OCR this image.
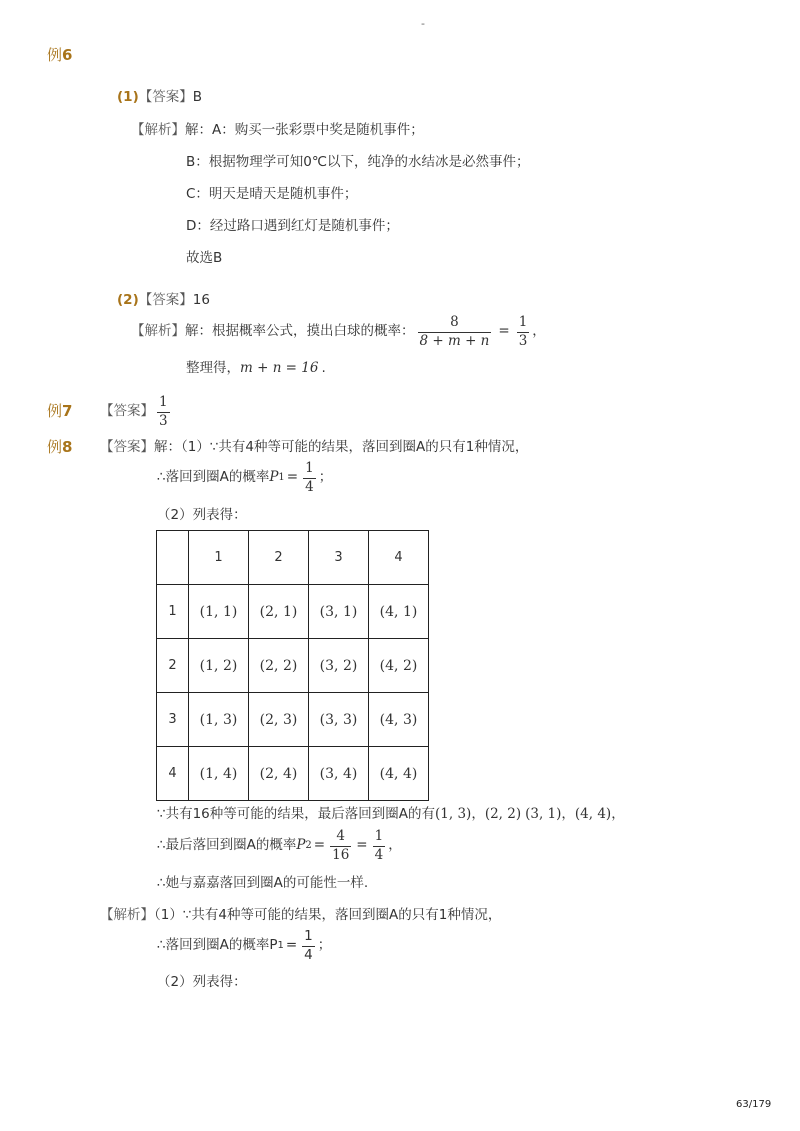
-
例6
(1)【答案】B
【解析】解：A：购买一张彩票中奖是随机事件；
B：根据物理学可知0℃以下，纯净的水结冰是必然事件；
C：明天是晴天是随机事件；
D：经过路口遇到红灯是随机事件；
故选B
(2)【答案】16
【解析】 解：根据概率公式，摸出白球的概率： $\frac{8}{8 + m + n} = \frac{1}{3}$ ，
整理得，m + n = 16 .
例7 【答案】 $\frac{1}{3}$
例8 【答案】解：（1）∵共有4种等可能的结果，落回到圈A的只有1种情况，
∴落回到圈A的概率 P $1 = \frac{1}{4}$ ；
（2）列表得：
	1	2	3	4
1	(1, 1)	(2, 1)	(3, 1)	(4, 1)
2	(1, 2)	(2, 2)	(3, 2)	(4, 2)
3	(1, 3)	(2, 3)	(3, 3)	(4, 3)
4	(1, 4)	(2, 4)	(3, 4)	(4, 4)
∵共有16种等可能的结果，最后落回到圈A的有(1, 3)，(2, 2) (3, 1)，(4, 4)，
∴最后落回到圈A的概率 P $2 = \frac{4}{16} = \frac{1}{4}$ ，
∴她与嘉嘉落回到圈A的可能性一样.
【解析】（1）∵共有4种等可能的结果，落回到圈A的只有1种情况，
∴落回到圈A的概率P $1 = \frac{1}{4}$ ；
（2）列表得：
63/179
